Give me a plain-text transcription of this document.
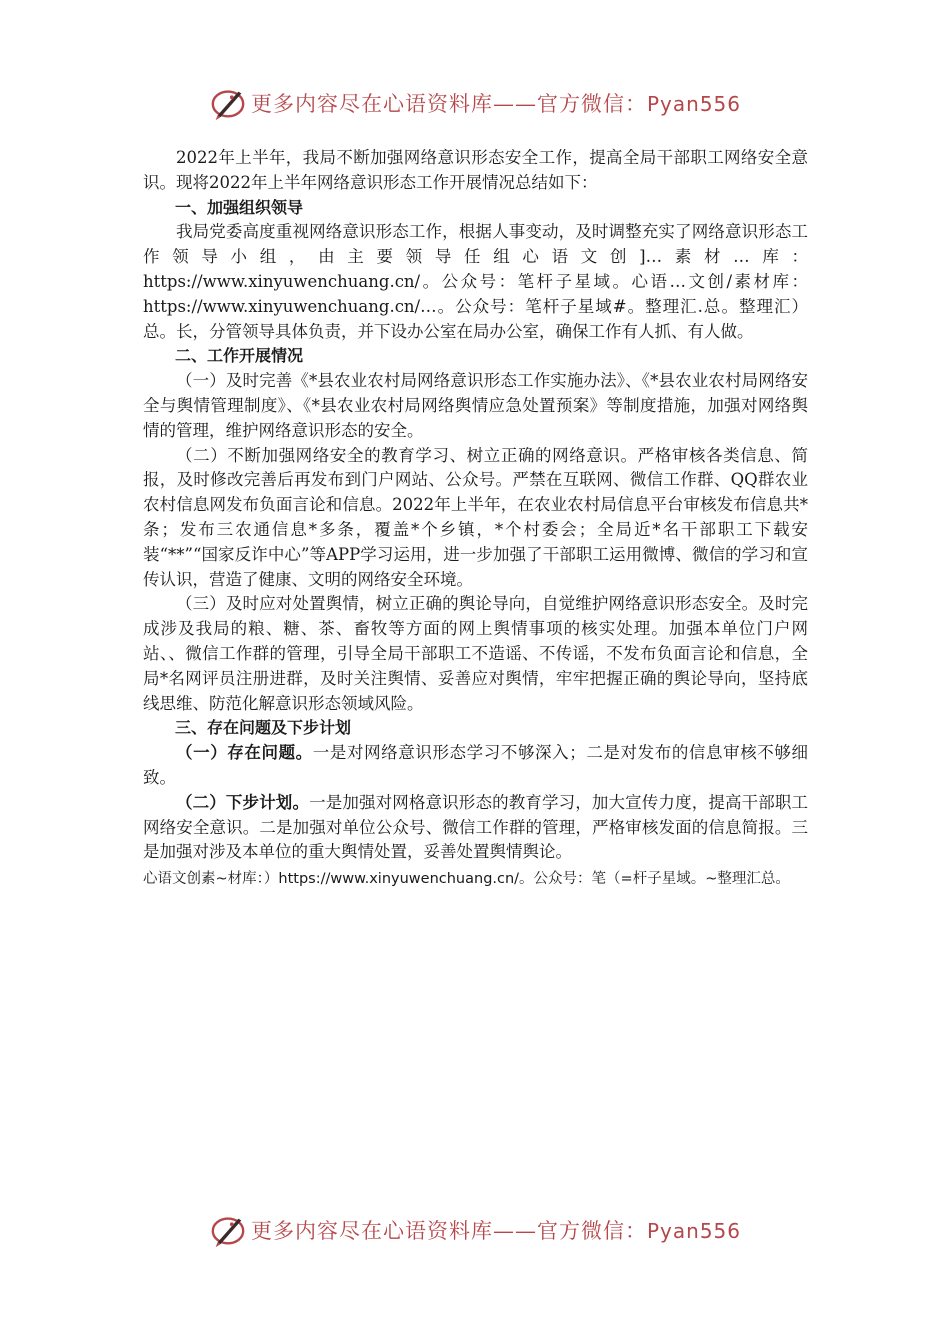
更多内容尽在心语资料库——官方微信：Pyan556

2022年上半年，我局不断加强网络意识形态安全工作，提高全局干部职工网络安全意识。现将2022年上半年网络意识形态工作开展情况总结如下：

一、加强组织领导

我局党委高度重视网络意识形态工作，根据人事变动，及时调整充实了网络意识形态工作领导小组，由主要领导任组心语文创]…素材…库：https://www.xinyuwenchuang.cn/。公众号：笔杆子星域。心语…文创/素材库：https://www.xinyuwenchuang.cn/…。公众号：笔杆子星域#。整理汇.总。整理汇）总。长，分管领导具体负责，并下设办公室在局办公室，确保工作有人抓、有人做。

二、工作开展情况

（一）及时完善《*县农业农村局网络意识形态工作实施办法》、《*县农业农村局网络安全与舆情管理制度》、《*县农业农村局网络舆情应急处置预案》等制度措施，加强对网络舆情的管理，维护网络意识形态的安全。

（二）不断加强网络安全的教育学习、树立正确的网络意识。严格审核各类信息、简报，及时修改完善后再发布到门户网站、公众号。严禁在互联网、微信工作群、QQ群农业农村信息网发布负面言论和信息。2022年上半年，在农业农村局信息平台审核发布信息共*条；发布三农通信息*多条，覆盖*个乡镇，*个村委会；全局近*名干部职工下载安装“**”“国家反诈中心”等APP学习运用，进一步加强了干部职工运用微博、微信的学习和宣传认识，营造了健康、文明的网络安全环境。

（三）及时应对处置舆情，树立正确的舆论导向，自觉维护网络意识形态安全。及时完成涉及我局的粮、糖、茶、畜牧等方面的网上舆情事项的核实处理。加强本单位门户网站、、微信工作群的管理，引导全局干部职工不造谣、不传谣，不发布负面言论和信息，全局*名网评员注册进群，及时关注舆情、妥善应对舆情，牢牢把握正确的舆论导向，坚持底线思维、防范化解意识形态领域风险。

三、存在问题及下步计划

（一）存在问题。一是对网络意识形态学习不够深入；二是对发布的信息审核不够细致。

（二）下步计划。一是加强对网格意识形态的教育学习，加大宣传力度，提高干部职工网络安全意识。二是加强对单位公众号、微信工作群的管理，严格审核发面的信息简报。三是加强对涉及本单位的重大舆情处置，妥善处置舆情舆论。

心语文创素~材库：）https://www.xinyuwenchuang.cn/。公众号：笔（=杆子星域。~整理汇总。

更多内容尽在心语资料库——官方微信：Pyan556
